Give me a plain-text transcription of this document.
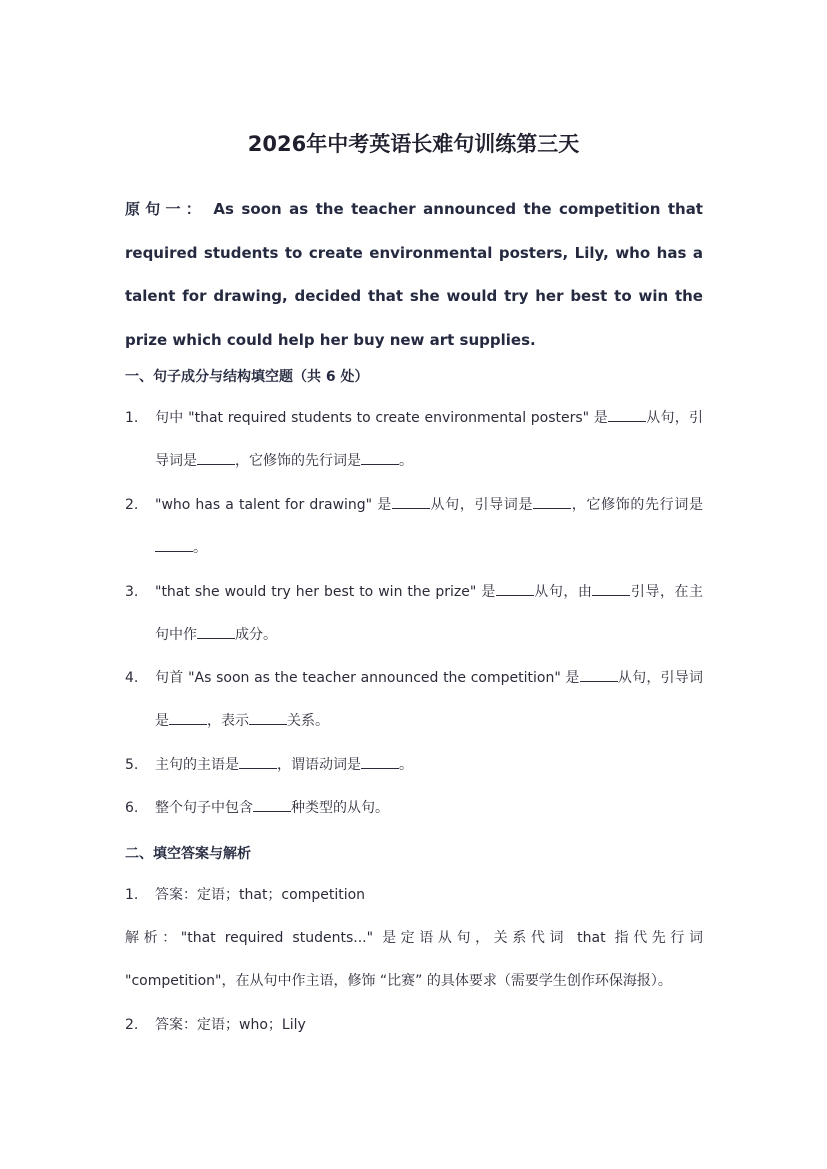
2026年中考英语长难句训练第三天
原句一： As soon as the teacher announced the competition that required students to create environmental posters, Lily, who has a talent for drawing, decided that she would try her best to win the prize which could help her buy new art supplies.
一、句子成分与结构填空题（共 6 处）
1. 句中 "that required students to create environmental posters" 是	从句，引导词是	，它修饰的先行词是	。
2. "who has a talent for drawing" 是	从句，引导词是	，它修饰的先行词是。
3. "that she would try her best to win the prize" 是	从句，由	引导，在主句中作	成分。
4. 句首 "As soon as the teacher announced the competition" 是	从句，引导词是	，表示	关系。
5. 主句的主语是	，谓语动词是	。
6. 整个句子中包含	种类型的从句。
二、填空答案与解析
1. 答案：定语；that；competition
解析："that required students..." 是定语从句，关系代词 that 指代先行词 "competition"，在从句中作主语，修饰 “比赛” 的具体要求（需要学生创作环保海报）。
2. 答案：定语；who；Lily
